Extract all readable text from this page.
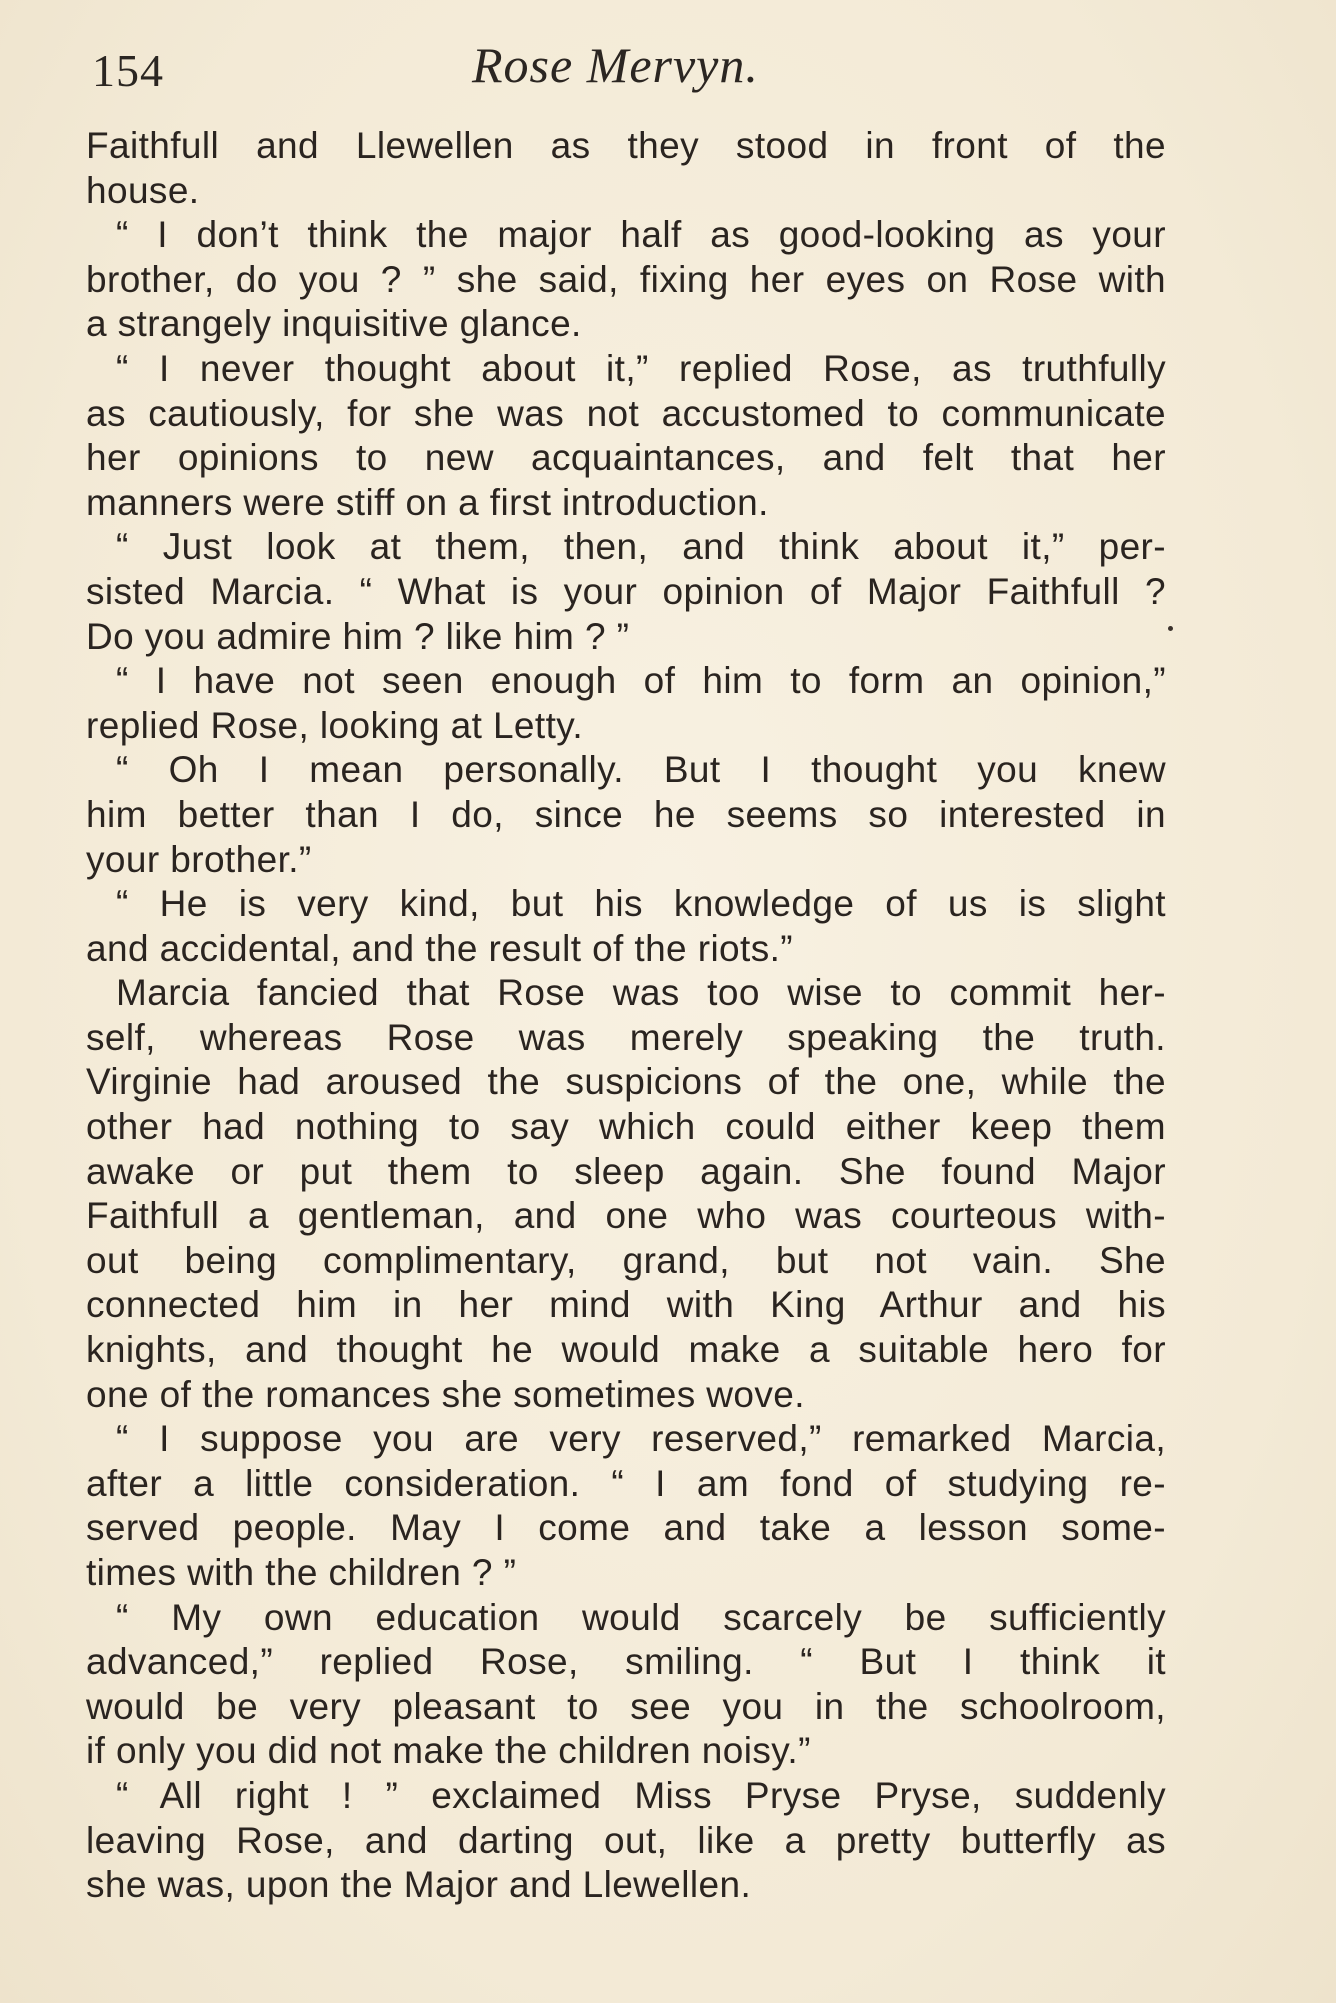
154	Rose Mervyn.
Faithfull and Llewellen as they stood in front of the
house.
“ I don’t think the major half as good-looking as your
brother, do you ? ” she said, fixing her eyes on Rose with
a strangely inquisitive glance.
“ I never thought about it,” replied Rose, as truthfully
as cautiously, for she was not accustomed to communicate
her opinions to new acquaintances, and felt that her
manners were stiff on a first introduction.
“ Just look at them, then, and think about it,” per-
sisted Marcia. “ What is your opinion of Major Faithfull ?
Do you admire him ? like him ? ”
“ I have not seen enough of him to form an opinion,”
replied Rose, looking at Letty.
“ Oh I mean personally. But I thought you knew
him better than I do, since he seems so interested in
your brother.”
“ He is very kind, but his knowledge of us is slight
and accidental, and the result of the riots.”
Marcia fancied that Rose was too wise to commit her-
self, whereas Rose was merely speaking the truth.
Virginie had aroused the suspicions of the one, while the
other had nothing to say which could either keep them
awake or put them to sleep again. She found Major
Faithfull a gentleman, and one who was courteous with-
out being complimentary, grand, but not vain. She
connected him in her mind with King Arthur and his
knights, and thought he would make a suitable hero for
one of the romances she sometimes wove.
“ I suppose you are very reserved,” remarked Marcia,
after a little consideration. “ I am fond of studying re-
served people. May I come and take a lesson some-
times with the children ? ”
“ My own education would scarcely be sufficiently
advanced,” replied Rose, smiling. “ But I think it
would be very pleasant to see you in the schoolroom,
if only you did not make the children noisy.”
“ All right ! ” exclaimed Miss Pryse Pryse, suddenly
leaving Rose, and darting out, like a pretty butterfly as
she was, upon the Major and Llewellen.
